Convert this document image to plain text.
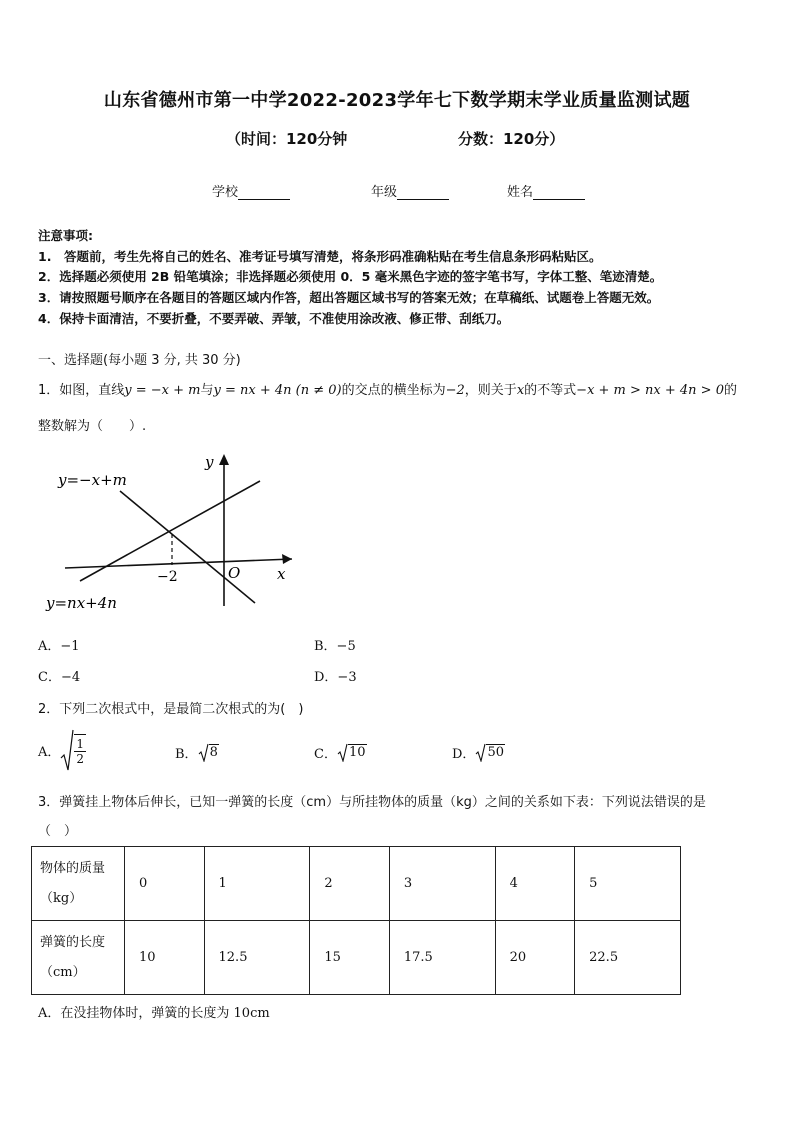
山东省德州市第一中学2022-2023学年七下数学期末学业质量监测试题
（时间：120分钟	分数：120分）
学校	年级	姓名
注意事项:
1.　答题前，考生先将自己的姓名、准考证号填写清楚，将条形码准确粘贴在考生信息条形码粘贴区。
2．选择题必须使用 2B 铅笔填涂；非选择题必须使用 0．5 毫米黑色字迹的签字笔书写，字体工整、笔迹清楚。
3．请按照题号顺序在各题目的答题区域内作答，超出答题区域书写的答案无效；在草稿纸、试题卷上答题无效。
4．保持卡面清洁，不要折叠，不要弄破、弄皱，不准使用涂改液、修正带、刮纸刀。
一、选择题(每小题 3 分, 共 30 分)
1．如图，直线y = −x + m与y = nx + 4n (n ≠ 0)的交点的横坐标为−2，则关于x的不等式−x + m > nx + 4n > 0的
整数解为（　　）.
y=−x+m
y=nx+4n
y
x
O
−2
A．−1	B．−5
C．−4	D．−3
2．下列二次根式中，是最简二次根式的为(　)
A． $\frac{1}{2}$	B． 8	C． 10	D． 50
3．弹簧挂上物体后伸长，已知一弹簧的长度（cm）与所挂物体的质量（kg）之间的关系如下表：下列说法错误的是
（　）
物体的质量
（kg）	0	1	2	3	4	5

弹簧的长度
（cm）	10	12.5	15	17.5	20	22.5
A．在没挂物体时，弹簧的长度为 10cm
